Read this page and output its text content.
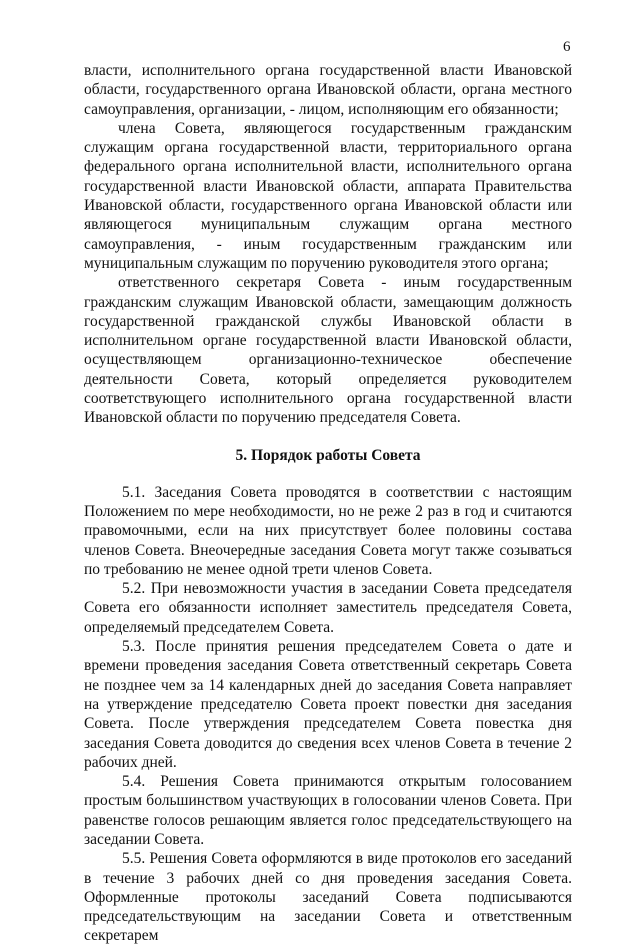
6

власти, исполнительного органа государственной власти Ивановской области, государственного органа Ивановской области, органа местного самоуправления, организации, - лицом, исполняющим его обязанности;

члена Совета, являющегося государственным гражданским служащим органа государственной власти, территориального органа федерального органа исполнительной власти, исполнительного органа государственной власти Ивановской области, аппарата Правительства Ивановской области, государственного органа Ивановской области или являющегося муниципальным служащим органа местного самоуправления, - иным государственным гражданским или муниципальным служащим по поручению руководителя этого органа;

ответственного секретаря Совета - иным государственным гражданским служащим Ивановской области, замещающим должность государственной гражданской службы Ивановской области в исполнительном органе государственной власти Ивановской области, осуществляющем организационно-техническое обеспечение деятельности Совета, который определяется руководителем соответствующего исполнительного органа государственной власти Ивановской области по поручению председателя Совета.

5. Порядок работы Совета

5.1. Заседания Совета проводятся в соответствии с настоящим Положением по мере необходимости, но не реже 2 раз в год и считаются правомочными, если на них присутствует более половины состава членов Совета. Внеочередные заседания Совета могут также созываться по требованию не менее одной трети членов Совета.

5.2. При невозможности участия в заседании Совета председателя Совета его обязанности исполняет заместитель председателя Совета, определяемый председателем Совета.

5.3. После принятия решения председателем Совета о дате и времени проведения заседания Совета ответственный секретарь Совета не позднее чем за 14 календарных дней до заседания Совета направляет на утверждение председателю Совета проект повестки дня заседания Совета. После утверждения председателем Совета повестка дня заседания Совета доводится до сведения всех членов Совета в течение 2 рабочих дней.

5.4. Решения Совета принимаются открытым голосованием простым большинством участвующих в голосовании членов Совета. При равенстве голосов решающим является голос председательствующего на заседании Совета.

5.5. Решения Совета оформляются в виде протоколов его заседаний в течение 3 рабочих дней со дня проведения заседания Совета. Оформленные протоколы заседаний Совета подписываются председательствующим на заседании Совета и ответственным секретарем
